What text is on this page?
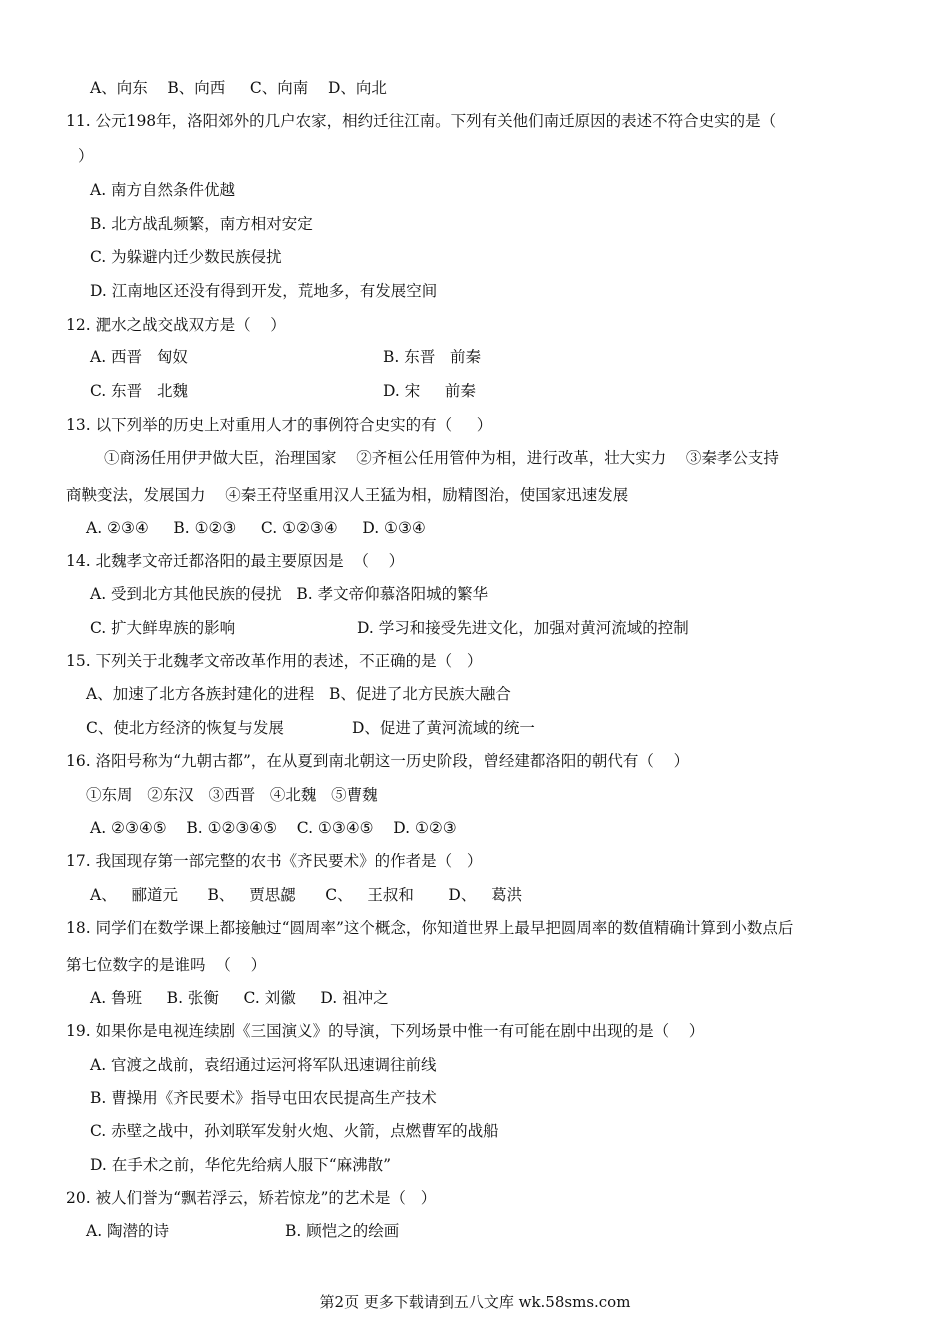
A、向东    B、向西     C、向南    D、向北
11. 公元198年，洛阳郊外的几户农家，相约迁往江南。下列有关他们南迁原因的表述不符合史实的是（
）
A. 南方自然条件优越
B. 北方战乱频繁，南方相对安定
C. 为躲避内迁少数民族侵扰
D. 江南地区还没有得到开发，荒地多，有发展空间
12. 淝水之战交战双方是（    ）
A. 西晋   匈奴	B. 东晋   前秦
C. 东晋   北魏	D. 宋     前秦
13. 以下列举的历史上对重用人才的事例符合史实的有（     ）
①商汤任用伊尹做大臣，治理国家    ②齐桓公任用管仲为相，进行改革，壮大实力    ③秦孝公支持
商鞅变法，发展国力    ④秦王苻坚重用汉人王猛为相，励精图治，使国家迅速发展
A. ②③④     B. ①②③     C. ①②③④     D. ①③④
14. 北魏孝文帝迁都洛阳的最主要原因是  （    ）
A. 受到北方其他民族的侵扰   B. 孝文帝仰慕洛阳城的繁华
C. 扩大鲜卑族的影响	D. 学习和接受先进文化，加强对黄河流域的控制
15. 下列关于北魏孝文帝改革作用的表述，不正确的是（   ）
A、加速了北方各族封建化的进程   B、促进了北方民族大融合
C、使北方经济的恢复与发展	D、促进了黄河流域的统一
16. 洛阳号称为“九朝古都”，在从夏到南北朝这一历史阶段，曾经建都洛阳的朝代有（    ）
①东周   ②东汉   ③西晋   ④北魏   ⑤曹魏
A. ②③④⑤    B. ①②③④⑤    C. ①③④⑤    D. ①②③
17. 我国现存第一部完整的农书《齐民要术》的作者是（   ）
A、   郦道元      B、   贾思勰      C、   王叔和       D、   葛洪
18. 同学们在数学课上都接触过“圆周率”这个概念，你知道世界上最早把圆周率的数值精确计算到小数点后
第七位数字的是谁吗  （    ）
A. 鲁班     B. 张衡     C. 刘徽     D. 祖冲之
19. 如果你是电视连续剧《三国演义》的导演，下列场景中惟一有可能在剧中出现的是（    ）
A. 官渡之战前，袁绍通过运河将军队迅速调往前线
B. 曹操用《齐民要术》指导屯田农民提高生产技术
C. 赤壁之战中，孙刘联军发射火炮、火箭，点燃曹军的战船
D. 在手术之前，华佗先给病人服下“麻沸散”
20. 被人们誉为“飘若浮云，矫若惊龙”的艺术是（   ）
A. 陶潜的诗	B. 顾恺之的绘画
第2页 更多下载请到五八文库 wk.58sms.com
